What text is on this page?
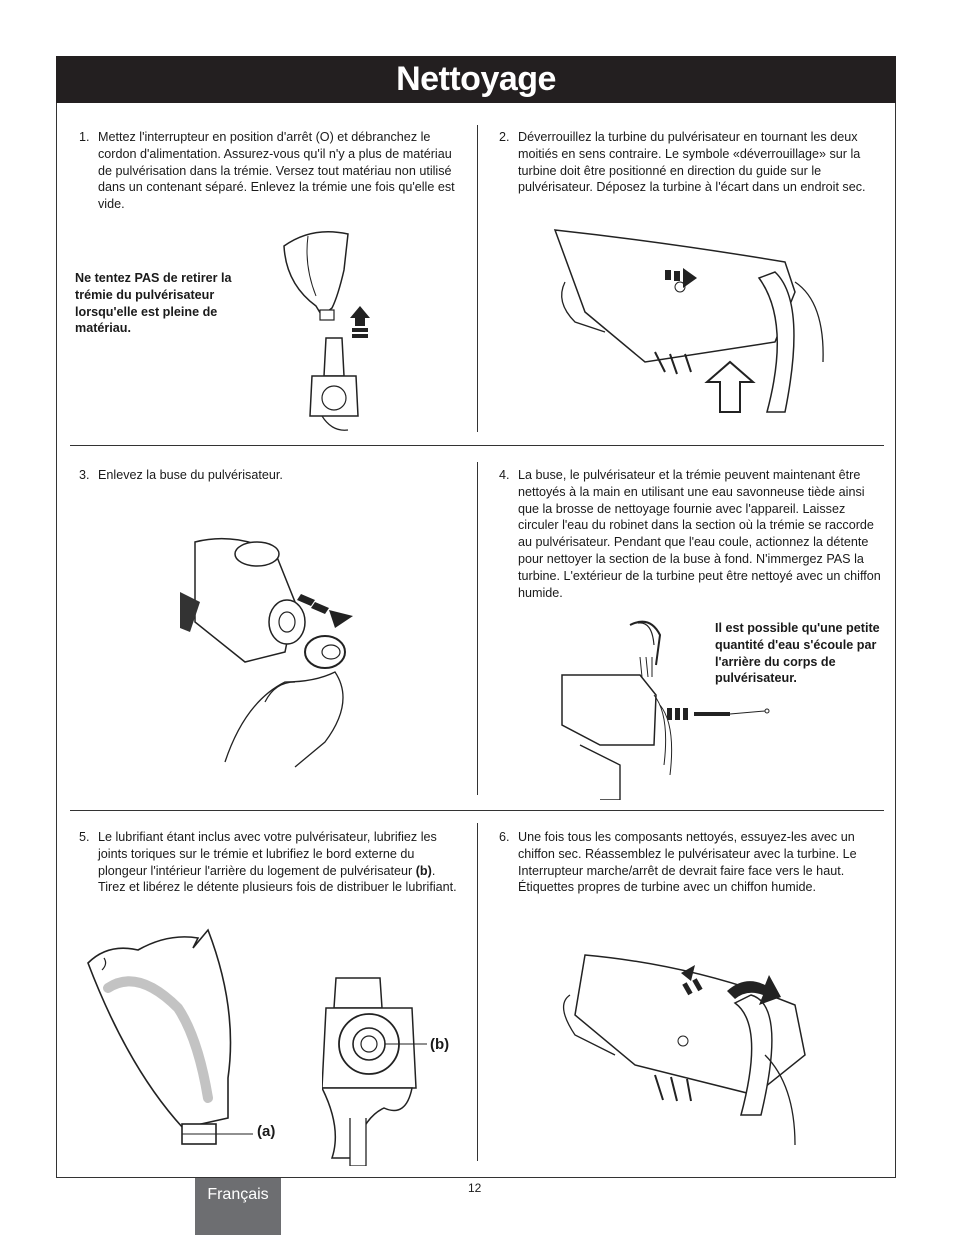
Nettoyage
1. Mettez l'interrupteur en position d'arrêt (O) et débranchez le cordon d'alimentation. Assurez-vous qu'il n'y a plus de matériau de pulvérisation dans la trémie. Versez tout matériau non utilisé dans un contenant séparé. Enlevez la trémie une fois qu'elle est vide.
Ne tentez PAS de retirer la trémie du pulvérisateur lorsqu'elle est pleine de matériau.
2. Déverrouillez la turbine du pulvérisateur en tournant les deux moitiés en sens contraire. Le symbole «déverrouillage» sur la turbine doit être positionné en direction du guide sur le pulvérisateur. Déposez la turbine à l'écart dans un endroit sec.
3. Enlevez la buse du pulvérisateur.	4. La buse, le pulvérisateur et la trémie peuvent maintenant être nettoyés à la main en utilisant une eau savonneuse tiède ainsi que la brosse de nettoyage fournie avec l'appareil. Laissez circuler l'eau du robinet dans la section où la trémie se raccorde au pulvérisateur. Pendant que l'eau coule, actionnez la détente pour nettoyer la section de la buse à fond. N'immergez PAS la turbine. L'extérieur de la turbine peut être nettoyé avec un chiffon humide.
Il est possible qu'une petite quantité d'eau s'écoule par l'arrière du corps de pulvérisateur.
5. Le lubrifiant étant inclus avec votre pulvérisateur, lubrifiez les joints toriques sur le trémie et lubrifiez le bord externe du plongeur l'intérieur l'arrière du logement de pulvérisateur (b). Tirez et libérez le détente plusieurs fois de distribuer le lubrifiant.
(a)
(b)
6. Une fois tous les composants nettoyés, essuyez-les avec un chiffon sec. Réassemblez le pulvérisateur avec la turbine. Le Interrupteur marche/arrêt de devrait faire face vers le haut. Étiquettes propres de turbine avec un chiffon humide.
Français	12
